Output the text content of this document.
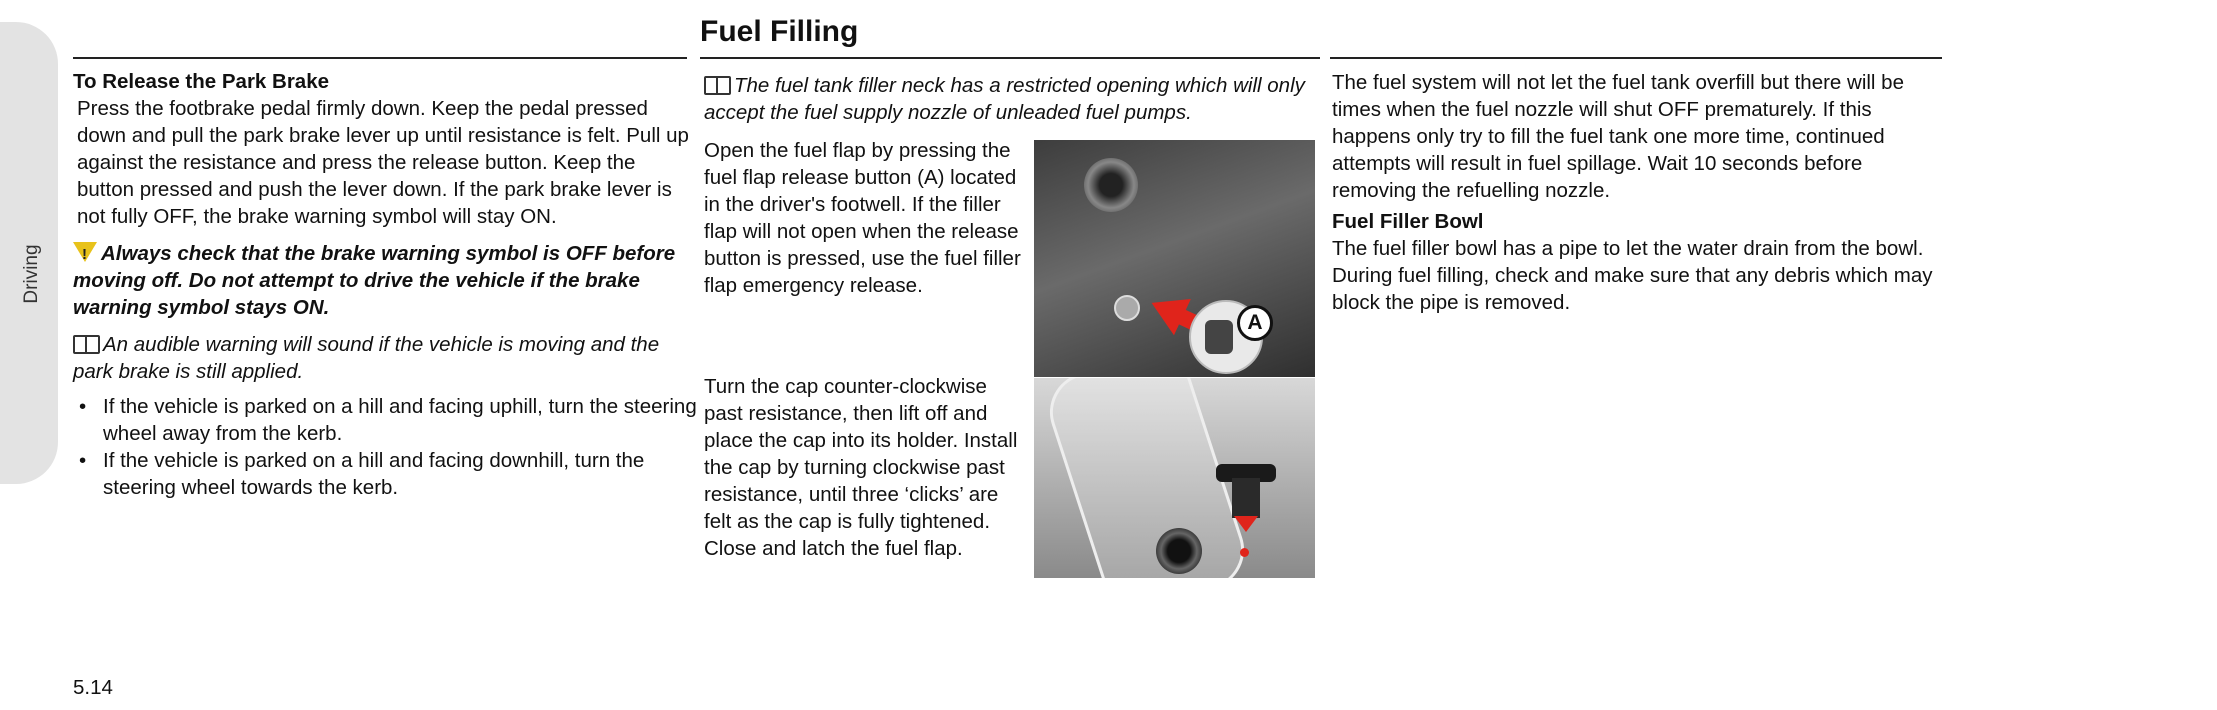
Driving
Fuel Filling

To Release the Park Brake

Press the footbrake pedal firmly down. Keep the pedal pressed down and pull the park brake lever up until resistance is felt. Pull up against the resistance and press the release button. Keep the button pressed and push the lever down. If the park brake lever is not fully OFF, the brake warning symbol will stay ON.

!Always check that the brake warning symbol is OFF before moving off. Do not attempt to drive the vehicle if the brake warning symbol stays ON.

An audible warning will sound if the vehicle is moving and the park brake is still applied.

• If the vehicle is parked on a hill and facing uphill, turn the steering wheel away from the kerb.
• If the vehicle is parked on a hill and facing downhill, turn the steering wheel towards the kerb.

The fuel tank filler neck has a restricted opening which will only accept the fuel supply nozzle of unleaded fuel pumps.

Open the fuel flap by pressing the fuel flap release button (A) located in the driver's footwell. If the filler flap will not open when the release button is pressed, use the fuel filler flap emergency release.

Turn the cap counter-clockwise past resistance, then lift off and place the cap into its holder. Install the cap by turning clockwise past resistance, until three ‘clicks’ are felt as the cap is fully tightened. Close and latch the fuel flap.

A

The fuel system will not let the fuel tank overfill but there will be times when the fuel nozzle will shut OFF prematurely. If this happens only try to fill the fuel tank one more time, continued attempts will result in fuel spillage. Wait 10 seconds before removing the refuelling nozzle.

Fuel Filler Bowl

The fuel filler bowl has a pipe to let the water drain from the bowl. During fuel filling, check and make sure that any debris which may block the pipe is removed.

5.14
